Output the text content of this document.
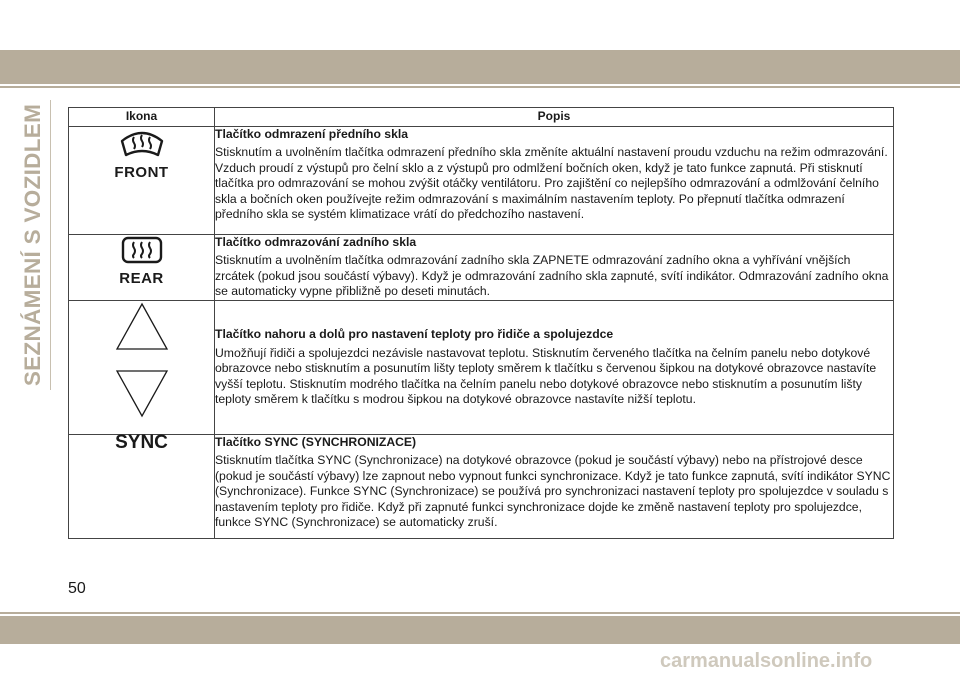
SEZNÁMENÍ S VOZIDLEM	Ikona	Popis

FRONT	Tlačítko odmrazení předního skla
Stisknutím a uvolněním tlačítka odmrazení předního skla změníte aktuální nastavení proudu vzduchu na režim odmrazování. Vzduch proudí z výstupů pro čelní sklo a z výstupů pro odmlžení bočních oken, když je tato funkce zapnutá. Při stisknutí tlačítka pro odmrazování se mohou zvýšit otáčky ventilátoru. Pro zajištění co nejlepšího odmrazování a odmlžování čelního skla a bočních oken používejte režim odmrazování s maximálním nastavením teploty. Po přepnutí tlačítka odmrazení předního skla se systém klimatizace vrátí do předchozího nastavení.

REAR	Tlačítko odmrazování zadního skla
Stisknutím a uvolněním tlačítka odmrazování zadního skla ZAPNETE odmrazování zadního okna a vyhřívání vnějších zrcátek (pokud jsou součástí výbavy). Když je odmrazování zadního skla zapnuté, svítí indikátor. Odmrazování zadního okna se automaticky vypne přibližně po deseti minutách.

Tlačítko nahoru a dolů pro nastavení teploty pro řidiče a spolujezdce
Umožňují řidiči a spolujezdci nezávisle nastavovat teplotu. Stisknutím červeného tlačítka na čelním panelu nebo dotykové obrazovce nebo stisknutím a posunutím lišty teploty směrem k tlačítku s červenou šipkou na dotykové obrazovce nastavíte vyšší teplotu. Stisknutím modrého tlačítka na čelním panelu nebo dotykové obrazovce nebo stisknutím a posunutím lišty teploty směrem k tlačítku s modrou šipkou na dotykové obrazovce nastavíte nižší teplotu.

SYNC	Tlačítko SYNC (SYNCHRONIZACE)
Stisknutím tlačítka SYNC (Synchronizace) na dotykové obrazovce (pokud je součástí výbavy) nebo na přístrojové desce (pokud je součástí výbavy) lze zapnout nebo vypnout funkci synchronizace. Když je tato funkce zapnutá, svítí indikátor SYNC (Synchronizace). Funkce SYNC (Synchronizace) se používá pro synchronizaci nastavení teploty pro spolujezdce v souladu s nastavením teploty pro řidiče. Když při zapnuté funkci synchronizace dojde ke změně nastavení teploty pro spolujezdce, funkce SYNC (Synchronizace) se automaticky zruší.
50
carmanualsonline.info
